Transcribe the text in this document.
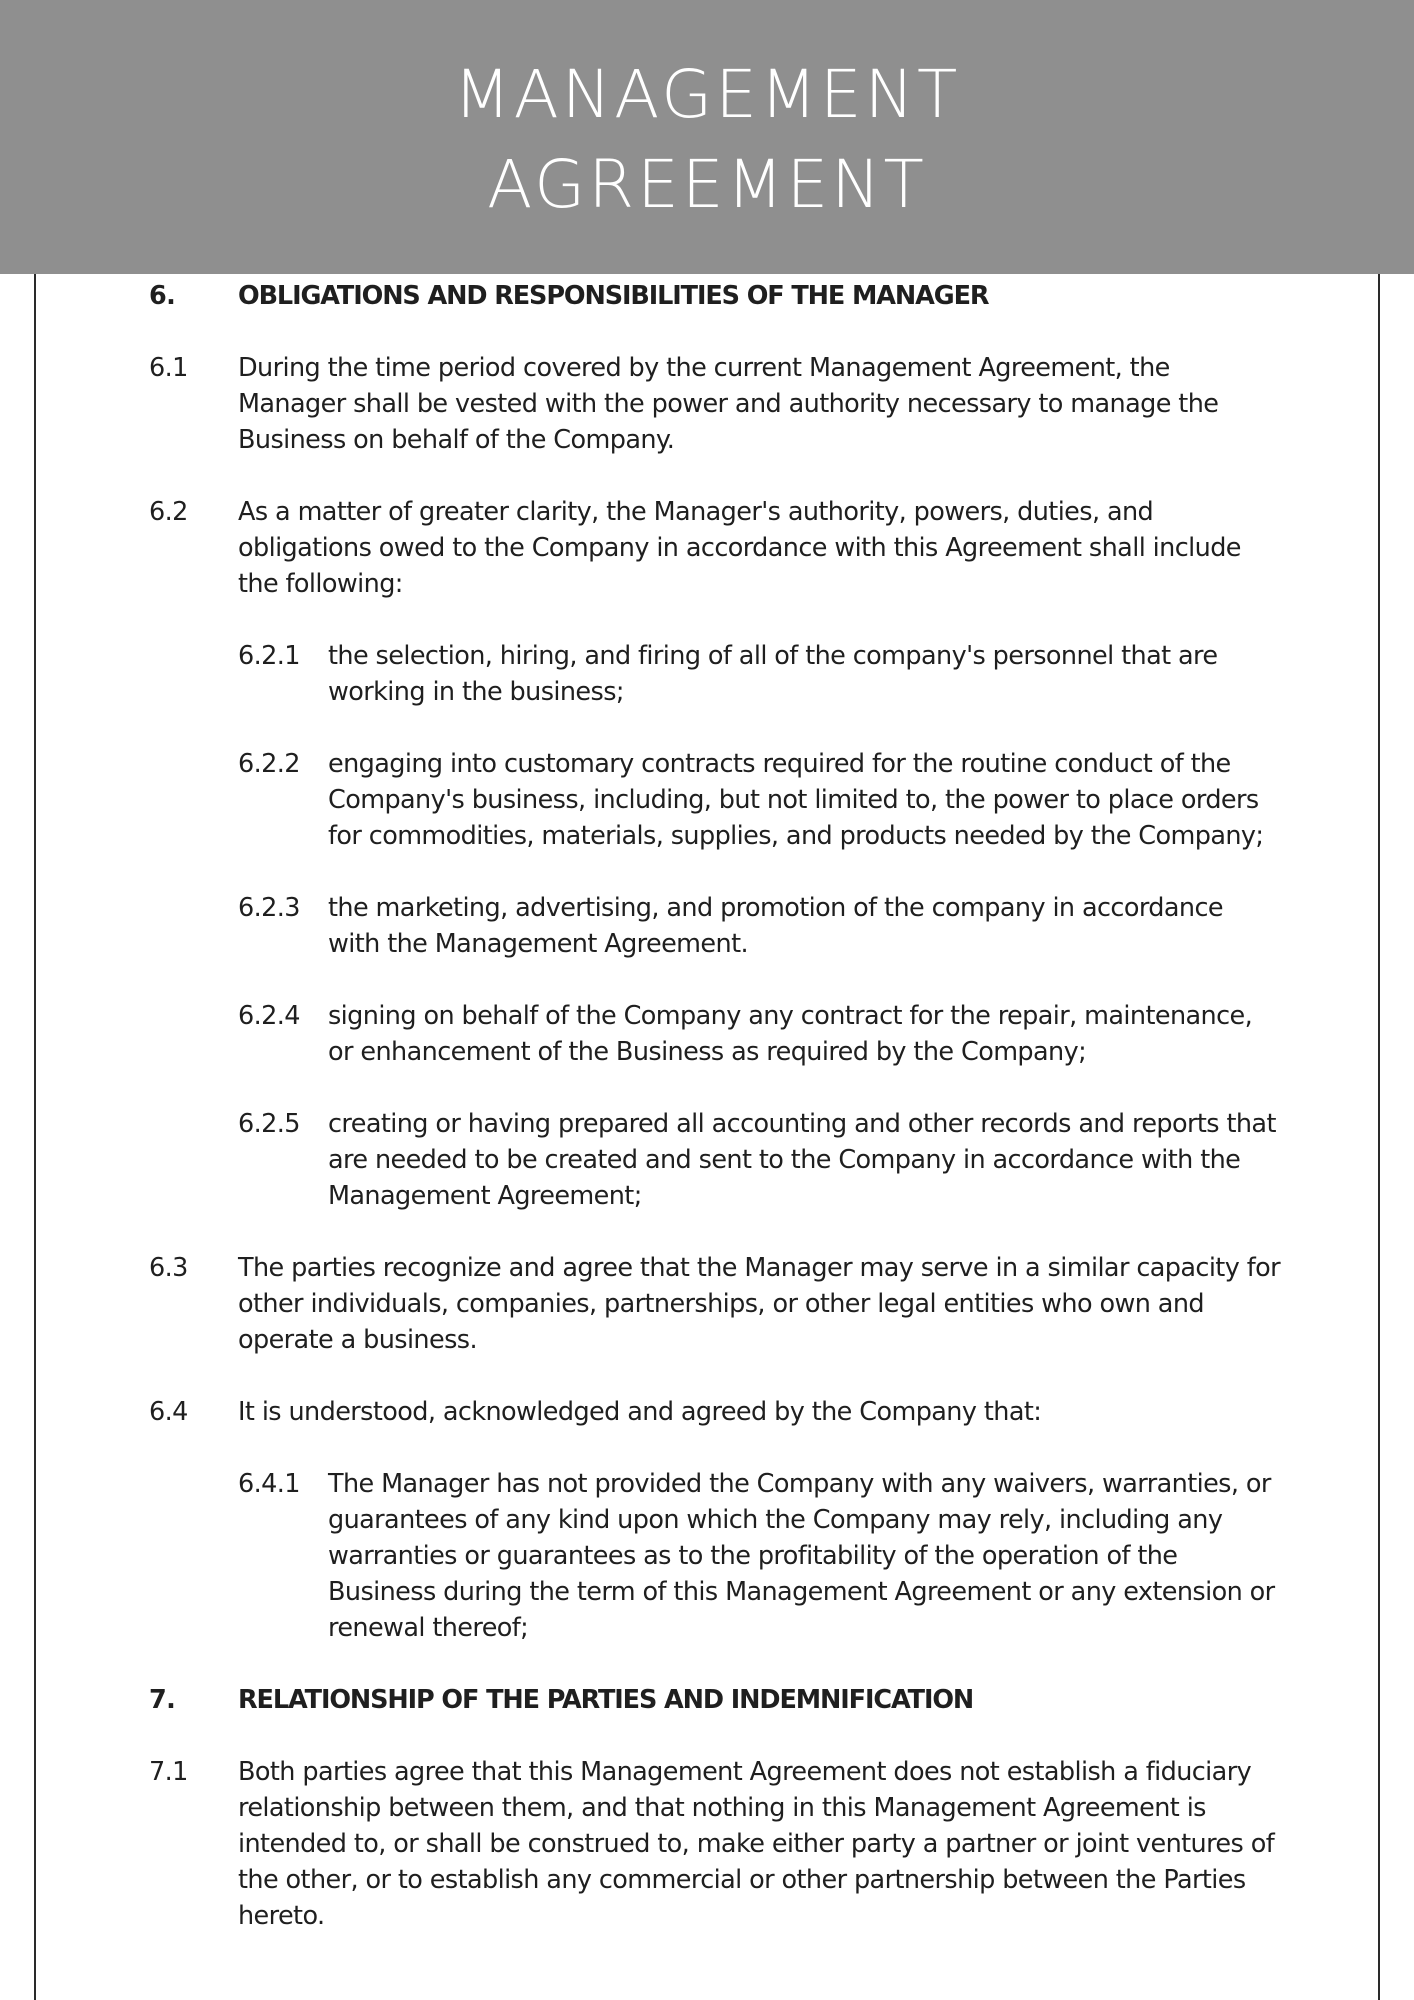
MANAGEMENT
AGREEMENT
6. OBLIGATIONS AND RESPONSIBILITIES OF THE MANAGER
6.1 During the time period covered by the current Management Agreement, the
Manager shall be vested with the power and authority necessary to manage the
Business on behalf of the Company.
6.2 As a matter of greater clarity, the Manager's authority, powers, duties, and
obligations owed to the Company in accordance with this Agreement shall include
the following:
6.2.1 the selection, hiring, and firing of all of the company's personnel that are
working in the business;
6.2.2 engaging into customary contracts required for the routine conduct of the
Company's business, including, but not limited to, the power to place orders
for commodities, materials, supplies, and products needed by the Company;
6.2.3 the marketing, advertising, and promotion of the company in accordance
with the Management Agreement.
6.2.4 signing on behalf of the Company any contract for the repair, maintenance,
or enhancement of the Business as required by the Company;
6.2.5 creating or having prepared all accounting and other records and reports that
are needed to be created and sent to the Company in accordance with the
Management Agreement;
6.3 The parties recognize and agree that the Manager may serve in a similar capacity for
other individuals, companies, partnerships, or other legal entities who own and
operate a business.
6.4 It is understood, acknowledged and agreed by the Company that:
6.4.1 The Manager has not provided the Company with any waivers, warranties, or
guarantees of any kind upon which the Company may rely, including any
warranties or guarantees as to the profitability of the operation of the
Business during the term of this Management Agreement or any extension or
renewal thereof;
7. RELATIONSHIP OF THE PARTIES AND INDEMNIFICATION
7.1 Both parties agree that this Management Agreement does not establish a fiduciary
relationship between them, and that nothing in this Management Agreement is
intended to, or shall be construed to, make either party a partner or joint ventures of
the other, or to establish any commercial or other partnership between the Parties
hereto.
